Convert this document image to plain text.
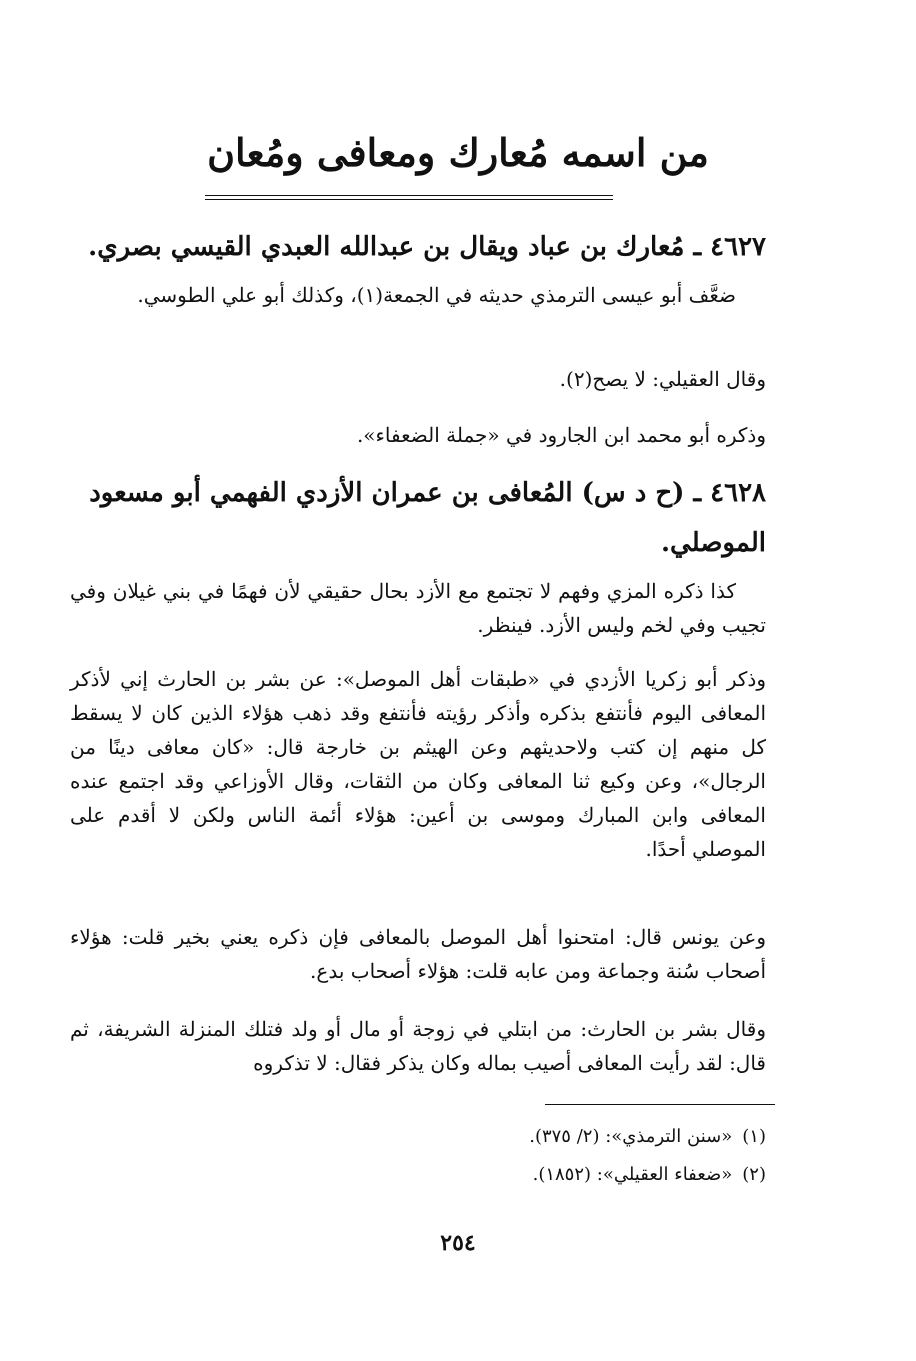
من اسمه مُعارك ومعافى ومُعان

٤٦٢٧ ـ مُعارك بن عباد ويقال بن عبدالله العبدي القيسي بصري.

ضعَّف أبو عيسى الترمذي حديثه في الجمعة(١)، وكذلك أبو علي الطوسي.

وقال العقيلي: لا يصح(٢).

وذكره أبو محمد ابن الجارود في «جملة الضعفاء».

٤٦٢٨ ـ (ح د س) المُعافى بن عمران الأزدي الفهمي أبو مسعود الموصلي.

كذا ذكره المزي وفهم لا تجتمع مع الأزد بحال حقيقي لأن فهمًا في بني غيلان وفي تجيب وفي لخم وليس الأزد. فينظر.

وذكر أبو زكريا الأزدي في «طبقات أهل الموصل»: عن بشر بن الحارث إني لأذكر المعافى اليوم فأنتفع بذكره وأذكر رؤيته فأنتفع وقد ذهب هؤلاء الذين كان لا يسقط كل منهم إن كتب ولاحديثهم وعن الهيثم بن خارجة قال: «كان معافى دينًا من الرجال»، وعن وكيع ثنا المعافى وكان من الثقات، وقال الأوزاعي وقد اجتمع عنده المعافى وابن المبارك وموسى بن أعين: هؤلاء أئمة الناس ولكن لا أقدم على الموصلي أحدًا.

وعن يونس قال: امتحنوا أهل الموصل بالمعافى فإن ذكره يعني بخير قلت: هؤلاء أصحاب سُنة وجماعة ومن عابه قلت: هؤلاء أصحاب بدع.

وقال بشر بن الحارث: من ابتلي في زوجة أو مال أو ولد فتلك المنزلة الشريفة، ثم قال: لقد رأيت المعافى أصيب بماله وكان يذكر فقال: لا تذكروه

(١)«سنن الترمذي»: (٢/ ٣٧٥).

(٢)«ضعفاء العقيلي»: (١٨٥٢).

٢٥٤
